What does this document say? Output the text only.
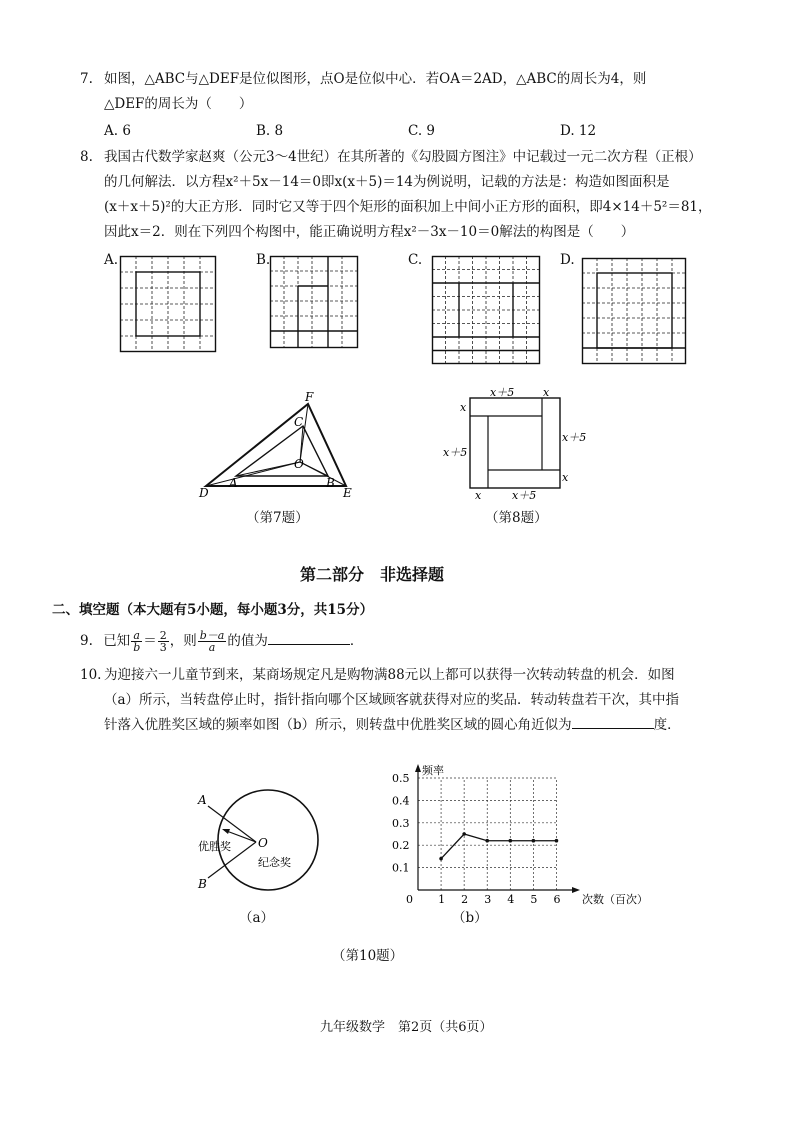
7. 如图，△ABC与△DEF是位似图形，点O是位似中心．若OA＝2AD，△ABC的周长为4，则
△DEF的周长为（　　）
A. 6	B. 8	C. 9	D. 12
8. 我国古代数学家赵爽（公元3～4世纪）在其所著的《勾股圆方图注》中记载过一元二次方程（正根）
的几何解法．以方程x²＋5x－14＝0即x(x＋5)＝14为例说明，记载的方法是：构造如图面积是
(x＋x＋5)²的大正方形．同时它又等于四个矩形的面积加上中间小正方形的面积，即4×14＋5²＝81，
因此x＝2．则在下列四个构图中，能正确说明方程x²－3x－10＝0解法的构图是（　　）
A.	B.	C.	D.
F
C
O
D
A	B
E
（第7题）
x＋5	x
x
x＋5
x＋5
x
x	x＋5
（第8题）
第二部分　非选择题
二、填空题（本大题有5小题，每小题3分，共15分）
9. 已知 $\frac{a}{b} = \frac{2}{3}$ ，则 $\frac{b-a}{a}$ 的值为	．
10. 为迎接六一儿童节到来，某商场规定凡是购物满88元以上都可以获得一次转动转盘的机会．如图
（a）所示，当转盘停止时，指针指向哪个区域顾客就获得对应的奖品．转动转盘若干次，其中指
针落入优胜奖区域的频率如图（b）所示，则转盘中优胜奖区域的圆心角近似为	度．
A
B
O
优胜奖
纪念奖
（a）
1 2 3 4 5 6
0.1
0.2
0.3
0.4
0.5
0
频率
次数（百次）
（b）
（第10题）
九年级数学　第2页（共6页）
